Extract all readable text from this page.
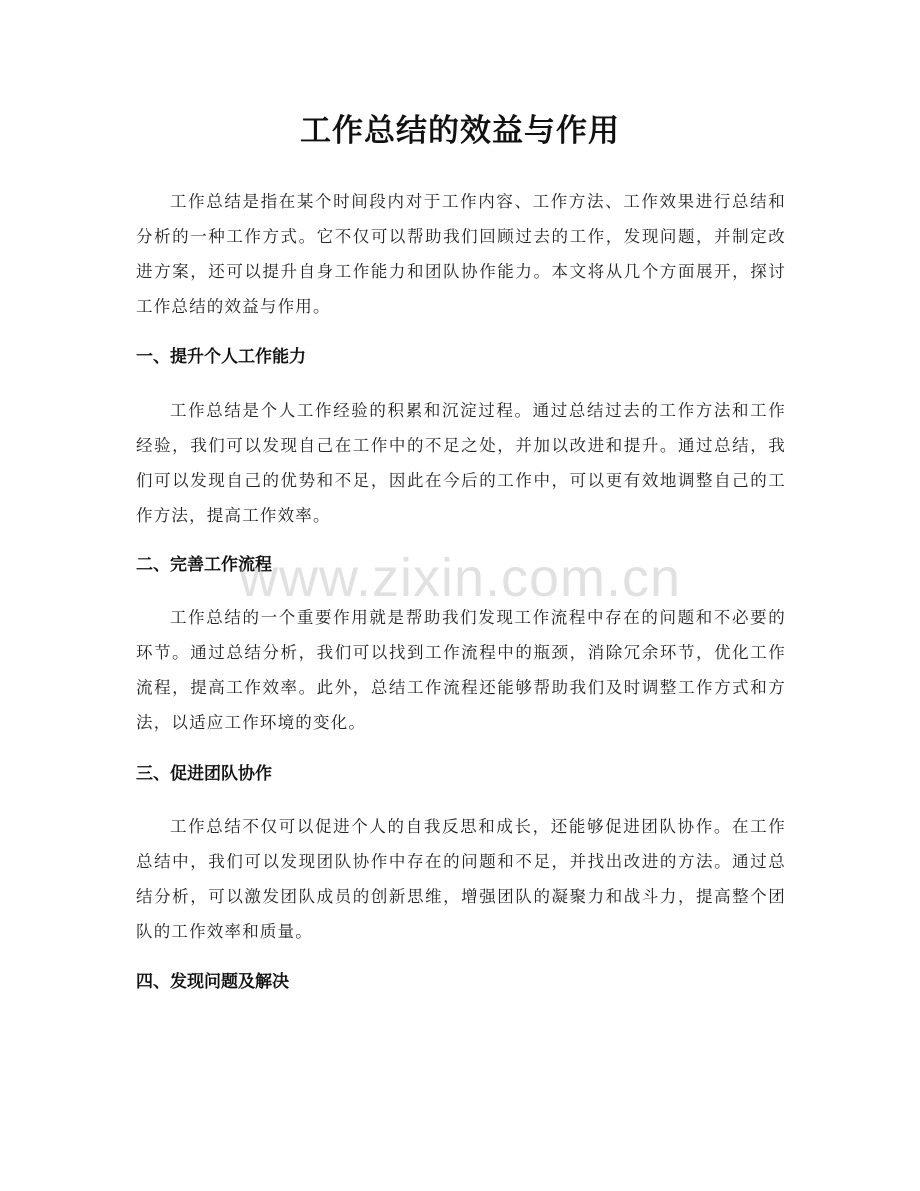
工作总结的效益与作用

工作总结是指在某个时间段内对于工作内容、工作方法、工作效果进行总结和分析的一种工作方式。它不仅可以帮助我们回顾过去的工作，发现问题，并制定改进方案，还可以提升自身工作能力和团队协作能力。本文将从几个方面展开，探讨工作总结的效益与作用。

一、提升个人工作能力

工作总结是个人工作经验的积累和沉淀过程。通过总结过去的工作方法和工作经验，我们可以发现自己在工作中的不足之处，并加以改进和提升。通过总结，我们可以发现自己的优势和不足，因此在今后的工作中，可以更有效地调整自己的工作方法，提高工作效率。

二、完善工作流程

工作总结的一个重要作用就是帮助我们发现工作流程中存在的问题和不必要的环节。通过总结分析，我们可以找到工作流程中的瓶颈，消除冗余环节，优化工作流程，提高工作效率。此外，总结工作流程还能够帮助我们及时调整工作方式和方法，以适应工作环境的变化。

三、促进团队协作

工作总结不仅可以促进个人的自我反思和成长，还能够促进团队协作。在工作总结中，我们可以发现团队协作中存在的问题和不足，并找出改进的方法。通过总结分析，可以激发团队成员的创新思维，增强团队的凝聚力和战斗力，提高整个团队的工作效率和质量。

四、发现问题及解决
www.zixin.com.cn
